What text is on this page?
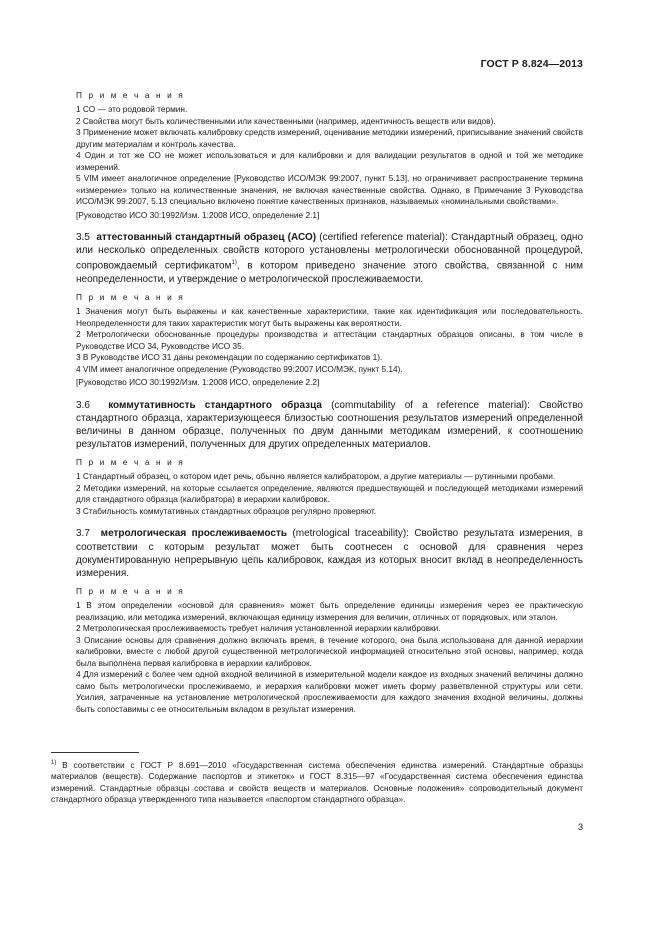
ГОСТ Р 8.824—2013
П р и м е ч а н и я

1 СО — это родовой термин.

2 Свойства могут быть количественными или качественными (например, идентичность веществ или видов).

3 Применение может включать калибровку средств измерений, оценивание методики измерений, приписывание значений свойств другим материалам и контроль качества.

4 Один и тот же СО не может использоваться и для калибровки и для валидации результатов в одной и той же методике измерений.

5 VIM имеет аналогичное определение [Руководство ИСО/МЭК 99:2007, пункт 5.13], но ограничивает распространение термина «измерение» только на количественные значения, не включая качественные свойства. Однако, в Примечание 3 Руководства ИСО/МЭК 99:2007, 5.13 специально включено понятие качественных признаков, называемых «номинальными свойствами».

[Руководство ИСО 30:1992/Изм. 1:2008 ИСО, определение 2.1]

3.5 аттестованный стандартный образец (АСО) (certified reference material): Стандартный образец, одно или несколько определенных свойств которого установлены метрологически обоснованной процедурой, сопровождаемый сертификатом$^{1)}$, в котором приведено значение этого свойства, связанной с ним неопределенности, и утверждение о метрологической прослеживаемости.

П р и м е ч а н и я

1 Значения могут быть выражены и как качественные характеристики, такие как идентификация или последовательность. Неопределенности для таких характеристик могут быть выражены как вероятности.

2 Метрологически обоснованные процедуры производства и аттестации стандартных образцов описаны, в том числе в Руководстве ИСО 34, Руководстве ИСО 35.

3 В Руководстве ИСО 31 даны рекомендации по содержанию сертификатов 1).

4 VIM имеет аналогичное определение (Руководство 99:2007 ИСО/МЭК, пункт 5.14).

[Руководство ИСО 30:1992/Изм. 1:2008 ИСО, определение 2.2]

3.6 коммутативность стандартного образца (commutability of a reference material): Свойство стандартного образца, характеризующееся близостью соотношения результатов измерений определенной величины в данном образце, полученных по двум данными методикам измерений, к соотношению результатов измерений, полученных для других определенных материалов.

П р и м е ч а н и я

1 Стандартный образец, о котором идет речь, обычно является калибратором, а другие материалы — рутинными пробами.

2 Методики измерений, на которые ссылается определение, являются предшествующей и последующей методиками измерений для стандартного образца (калибратора) в иерархии калибровок.

3 Стабильность коммутативных стандартных образцов регулярно проверяют.

3.7 метрологическая прослеживаемость (metrological traceability): Свойство результата измерения, в соответствии с которым результат может быть соотнесен с основой для сравнения через документированную непрерывную цепь калибровок, каждая из которых вносит вклад в неопределенность измерения.

П р и м е ч а н и я

1 В этом определении «основой для сравнения» может быть определение единицы измерения через ее практическую реализацию, или методика измерений, включающая единицу измерения для величин, отличных от порядковых, или эталон.

2 Метрологическая прослеживаемость требует наличия установленной иерархии калибровки.

3 Описание основы для сравнения должно включать время, в течение которого, она была использована для данной иерархии калибровки, вместе с любой другой существенной метрологической информацией относительно этой основы, например, когда была выполнена первая калибровка в иерархии калибровок.

4 Для измерений с более чем одной входной величиной в измерительной модели каждое из входных значений величины должно само быть метрологически прослеживаемо, и иерархия калибровки может иметь форму разветвленной структуры или сети. Усилия, затраченные на установление метрологической прослеживаемости для каждого значения входной величины, должны быть сопоставимы с ее относительным вкладом в результат измерения.

$^{1)}$ В соответствии с ГОСТ Р 8.691—2010 «Государственная система обеспечения единства измерений. Стандартные образцы материалов (веществ). Содержание паспортов и этикеток» и ГОСТ 8.315—97 «Государственная система обеспечения единства измерений. Стандартные образцы состава и свойств веществ и материалов. Основные положения» сопроводительный документ стандартного образца утвержденного типа называется «паспортом стандартного образца».
3
